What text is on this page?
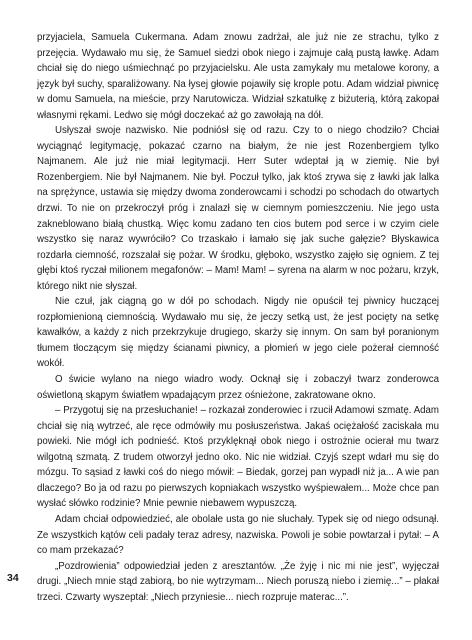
przyjaciela, Samuela Cukermana. Adam znowu zadrżał, ale już nie ze strachu, tylko z przejęcia. Wydawało mu się, że Samuel siedzi obok niego i zajmuje całą pustą ławkę. Adam chciał się do niego uśmiechnąć po przyjacielsku. Ale usta zamykały mu metalowe korony, a język był suchy, sparaliżowany. Na łysej głowie pojawiły się krople potu. Adam widział piwnicę w domu Samuela, na mieście, przy Narutowicza. Widział szkatułkę z biżuterią, którą zakopał własnymi rękami. Ledwo się mógł doczekać aż go zawołają na dół.

Usłyszał swoje nazwisko. Nie podniósł się od razu. Czy to o niego chodziło? Chciał wyciągnąć legitymację, pokazać czarno na białym, że nie jest Rozenbergiem tylko Najmanem. Ale już nie miał legitymacji. Herr Suter wdeptał ją w ziemię. Nie był Rozenbergiem. Nie był Najmanem. Nie był. Poczuł tylko, jak ktoś zrywa się z ławki jak lalka na sprężynce, ustawia się między dwoma zonderowcami i schodzi po schodach do otwartych drzwi. To nie on przekroczył próg i znalazł się w ciemnym pomieszczeniu. Nie jego usta zakneblowano białą chustką. Więc komu zadano ten cios butem pod serce i w czyim ciele wszystko się naraz wywróciło? Co trzaskało i łamało się jak suche gałęzie? Błyskawica rozdarła ciemność, rozszalał się pożar. W środku, głęboko, wszystko zajęło się ogniem. Z tej głębi ktoś ryczał milionem megafonów: – Mam! Mam! – syrena na alarm w noc pożaru, krzyk, którego nikt nie słyszał.

Nie czuł, jak ciągną go w dół po schodach. Nigdy nie opuścił tej piwnicy huczącej rozpłomienioną ciemnością. Wydawało mu się, że jeczy setką ust, że jest pocięty na setkę kawałków, a każdy z nich przekrzykuje drugiego, skarży się innym. On sam był poranionym tłumem tłoczącym się między ścianami piwnicy, a płomień w jego ciele pożerał ciemność wokół.

O świcie wylano na niego wiadro wody. Ocknął się i zobaczył twarz zonderowca oświetloną skąpym światłem wpadającym przez ośnieżone, zakratowane okno.

– Przygotuj się na przesłuchanie! – rozkazał zonderowiec i rzucił Adamowi szmatę. Adam chciał się nią wytrzeć, ale ręce odmówiły mu posłuszeństwa. Jakaś ociężałość zaciskała mu powieki. Nie mógł ich podnieść. Ktoś przyklęknął obok niego i ostrożnie ocierał mu twarz wilgotną szmatą. Z trudem otworzył jedno oko. Nic nie widział. Czyjś szept wdarł mu się do mózgu. To sąsiad z ławki coś do niego mówił: – Biedak, gorzej pan wypadł niż ja... A wie pan dlaczego? Bo ja od razu po pierwszych kopniakach wszystko wyśpiewałem... Może chce pan wysłać słówko rodzinie? Mnie pewnie niebawem wypuszczą.

Adam chciał odpowiedzieć, ale obolałe usta go nie słuchały. Typek się od niego odsunął. Ze wszystkich kątów celi padały teraz adresy, nazwiska. Powoli je sobie powtarzał i pytał: – A co mam przekazać?

„Pozdrowienia” odpowiedział jeden z aresztantów. „Że żyję i nic mi nie jest”, wyjęczał drugi. „Niech mnie stąd zabiorą, bo nie wytrzymam... Niech poruszą niebo i ziemię...” – płakał trzeci. Czwarty wyszeptał: „Niech przyniesie... niech rozpruje materac...”.

34
